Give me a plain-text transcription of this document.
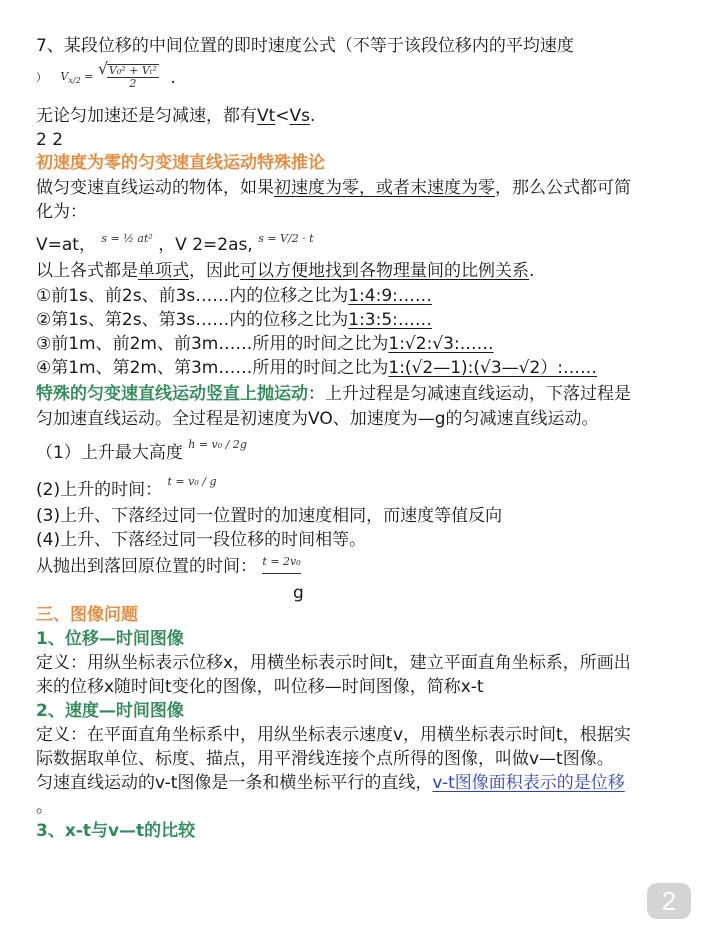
7、某段位移的中间位置的即时速度公式（不等于该段位移内的平均速度
） $V_{x/2}$ = √ $\frac{\text{V₀² + Vₜ²}}{2}$ .
无论匀加速还是匀减速，都有Vt<Vs.
2 2
初速度为零的匀变速直线运动特殊推论
做匀变速直线运动的物体，如果初速度为零，或者末速度为零，那么公式都可简
化为：
V=at， s = ½ at² ，V 2=2as, s = V/2 · t
以上各式都是单项式，因此可以方便地找到各物理量间的比例关系.
①前1s、前2s、前3s……内的位移之比为1:4:9:……
②第1s、第2s、第3s……内的位移之比为1:3:5:……
③前1m、前2m、前3m……所用的时间之比为1:√2:√3:……
④第1m、第2m、第3m……所用的时间之比为1:(√2—1):(√3—√2）:……
特殊的匀变速直线运动竖直上抛运动：上升过程是匀减速直线运动，下落过程是
匀加速直线运动。全过程是初速度为VO、加速度为—g的匀减速直线运动。
（1）上升最大高度 h = v₀ / 2g
(2)上升的时间： t = v₀ / g
(3)上升、下落经过同一位置时的加速度相同，而速度等值反向
(4)上升、下落经过同一段位移的时间相等。
从抛出到落回原位置的时间： t = 2v₀
g
三、图像问题
1、位移—时间图像
定义：用纵坐标表示位移x，用横坐标表示时间t，建立平面直角坐标系，所画出
来的位移x随时间t变化的图像，叫位移—时间图像，简称x-t
2、速度—时间图像
定义：在平面直角坐标系中，用纵坐标表示速度v，用横坐标表示时间t，根据实
际数据取单位、标度、描点，用平滑线连接个点所得的图像，叫做v—t图像。
匀速直线运动的v-t图像是一条和横坐标平行的直线，v-t图像面积表示的是位移
。
3、x-t与v—t的比较
2
